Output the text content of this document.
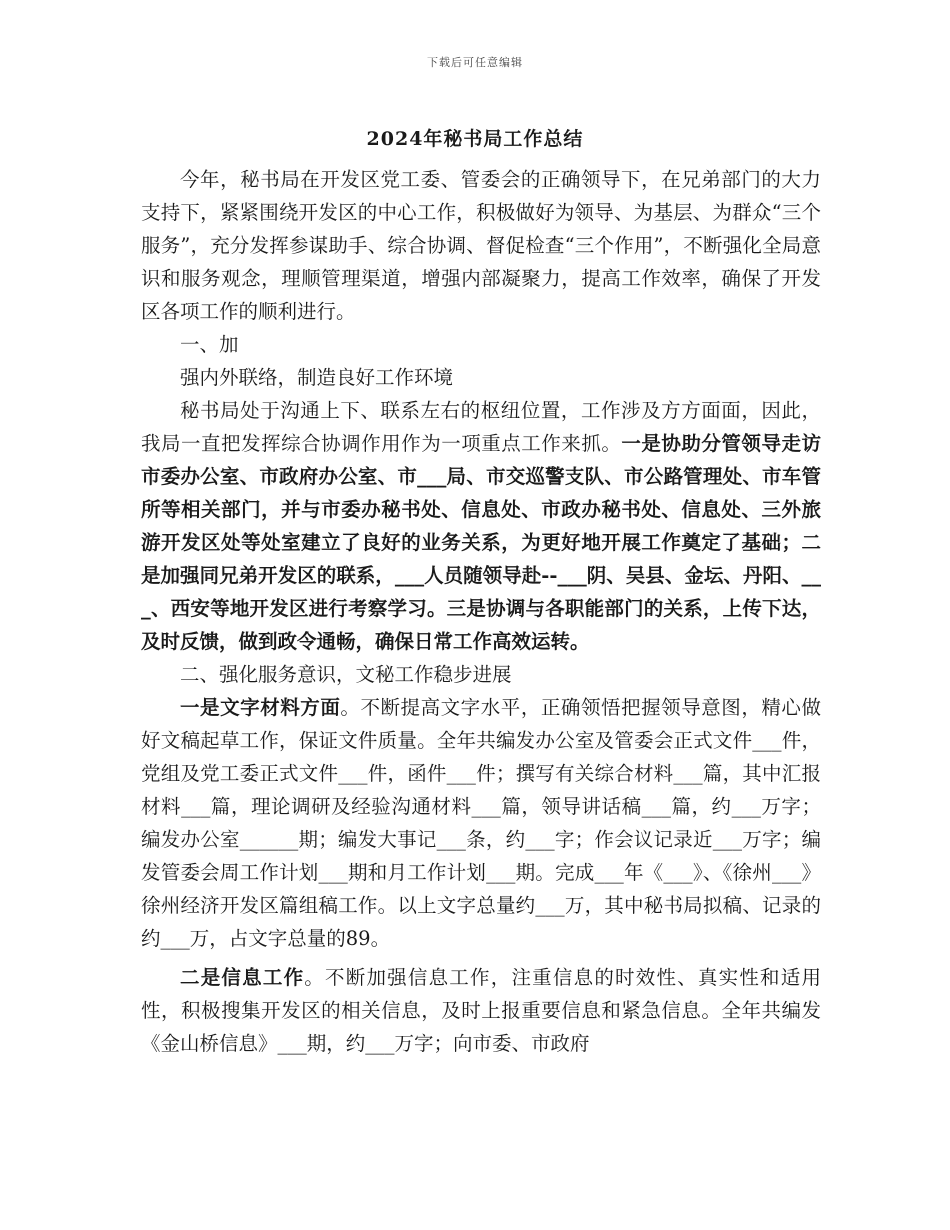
下载后可任意编辑
2024年秘书局工作总结

今年，秘书局在开发区党工委、管委会的正确领导下，在兄弟部门的大力支持下，紧紧围绕开发区的中心工作，积极做好为领导、为基层、为群众“三个服务”，充分发挥参谋助手、综合协调、督促检查“三个作用”，不断强化全局意识和服务观念，理顺管理渠道，增强内部凝聚力，提高工作效率，确保了开发区各项工作的顺利进行。

一、加

强内外联络，制造良好工作环境

秘书局处于沟通上下、联系左右的枢纽位置，工作涉及方方面面，因此，我局一直把发挥综合协调作用作为一项重点工作来抓。一是协助分管领导走访市委办公室、市政府办公室、市___局、市交巡警支队、市公路管理处、市车管所等相关部门，并与市委办秘书处、信息处、市政办秘书处、信息处、三外旅游开发区处等处室建立了良好的业务关系，为更好地开展工作奠定了基础；二是加强同兄弟开发区的联系，___人员随领导赴--___阴、吴县、金坛、丹阳、___、西安等地开发区进行考察学习。三是协调与各职能部门的关系，上传下达，及时反馈，做到政令通畅，确保日常工作高效运转。

二、强化服务意识，文秘工作稳步进展

一是文字材料方面。不断提高文字水平，正确领悟把握领导意图，精心做好文稿起草工作，保证文件质量。全年共编发办公室及管委会正式文件___件，党组及党工委正式文件___件，函件___件；撰写有关综合材料___篇，其中汇报材料___篇，理论调研及经验沟通材料___篇，领导讲话稿___篇，约___万字；编发办公室______期；编发大事记___条，约___字；作会议记录近___万字；编发管委会周工作计划___期和月工作计划___期。完成___年《___》、《徐州___》徐州经济开发区篇组稿工作。以上文字总量约___万，其中秘书局拟稿、记录的约___万，占文字总量的89。

二是信息工作。不断加强信息工作，注重信息的时效性、真实性和适用性，积极搜集开发区的相关信息，及时上报重要信息和紧急信息。全年共编发《金山桥信息》___期，约___万字；向市委、市政府
